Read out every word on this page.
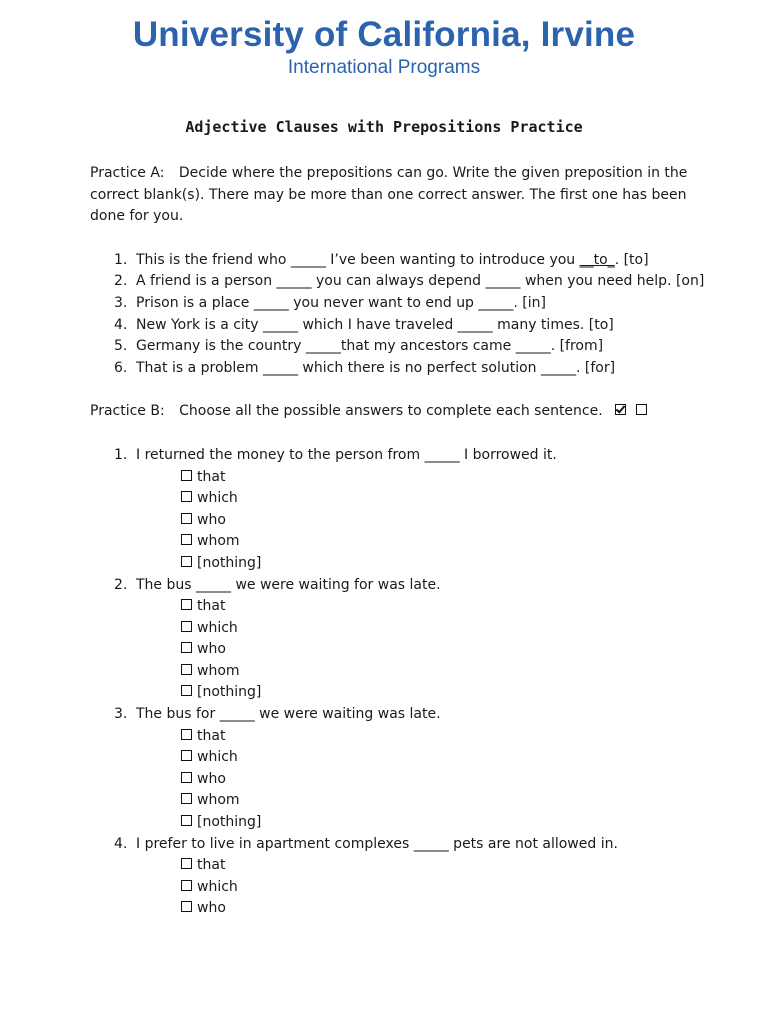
University of California, Irvine
International Programs
Adjective Clauses with Prepositions Practice

Practice A: Decide where the prepositions can go. Write the given preposition in the correct blank(s). There may be more than one correct answer. The first one has been done for you.

1. This is the friend who _____ I’ve been wanting to introduce you __to_. [to]
2. A friend is a person _____ you can always depend _____ when you need help. [on]
3. Prison is a place _____ you never want to end up _____. [in]
4. New York is a city _____ which I have traveled _____ many times. [to]
5. Germany is the country _____that my ancestors came _____. [from]
6. That is a problem _____ which there is no perfect solution _____. [for]

Practice B: Choose all the possible answers to complete each sentence.

1. I returned the money to the person from _____ I borrowed it.
that
which
who
whom
[nothing]
2. The bus _____ we were waiting for was late.
that
which
who
whom
[nothing]
3. The bus for _____ we were waiting was late.
that
which
who
whom
[nothing]
4. I prefer to live in apartment complexes _____ pets are not allowed in.
that
which
who
